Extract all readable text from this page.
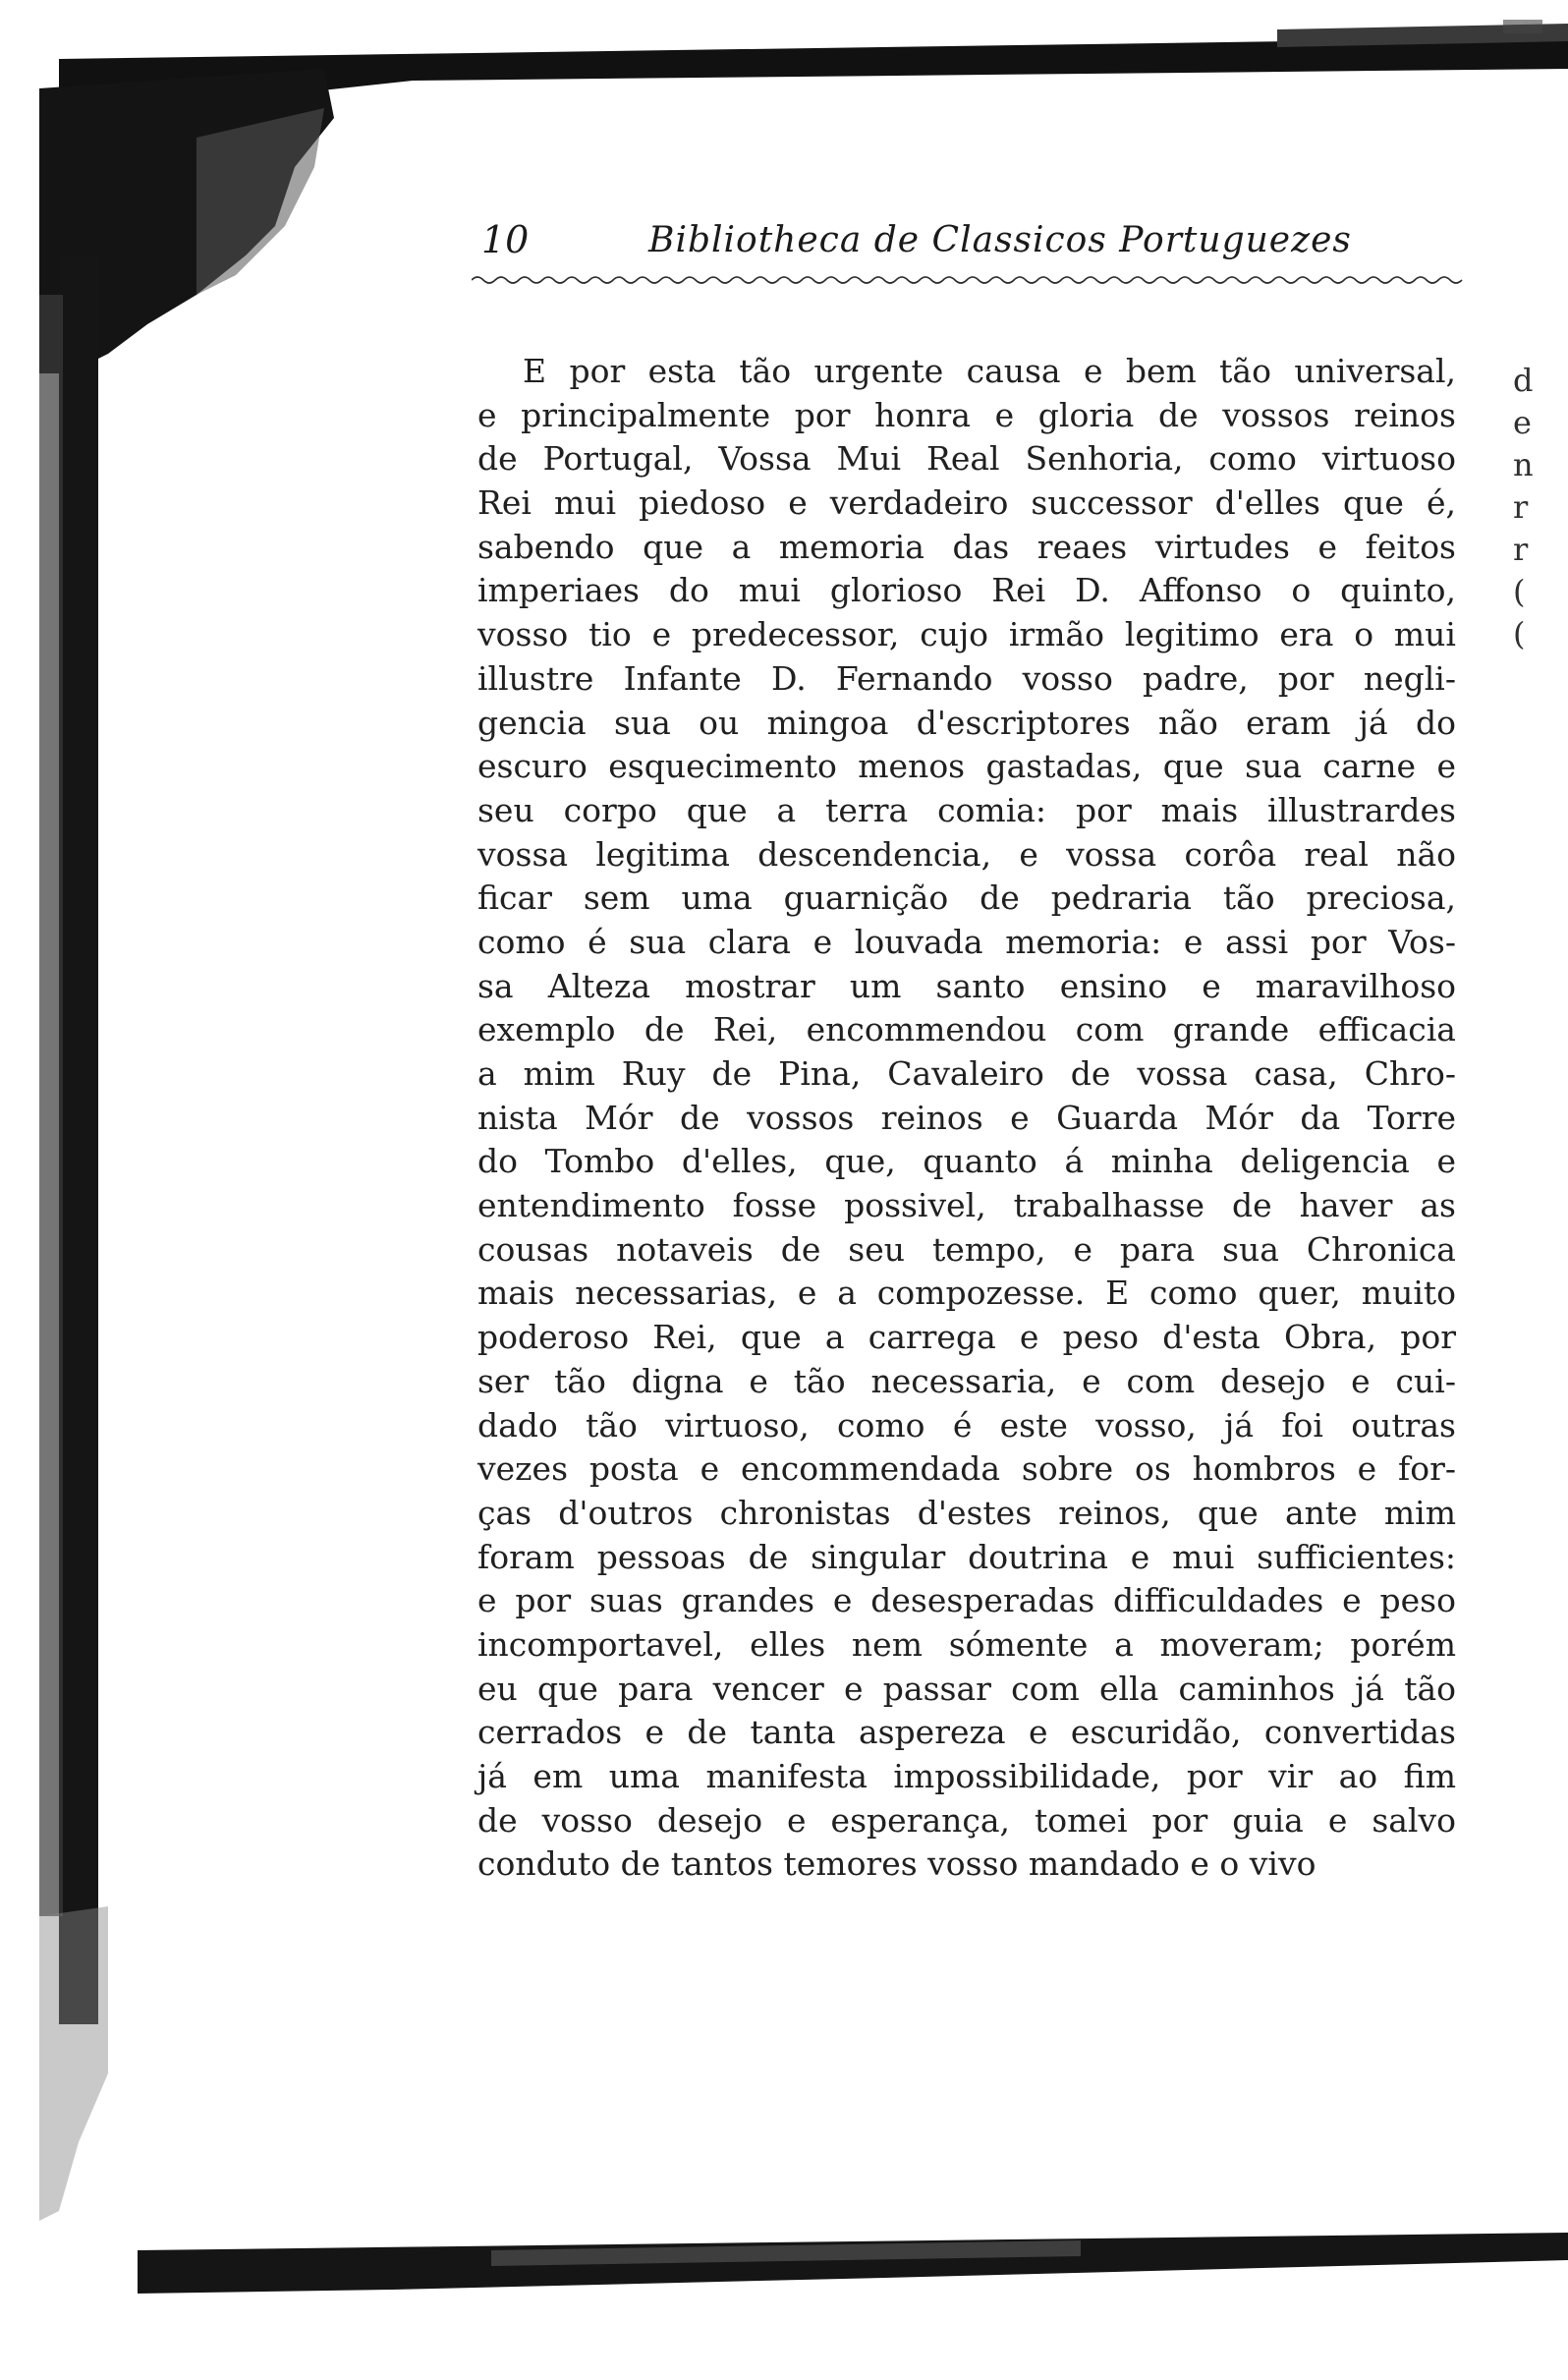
10	Bibliotheca de Classicos Portuguezes
E por esta tão urgente causa e bem tão universal,
e principalmente por honra e gloria de vossos reinos
de Portugal, Vossa Mui Real Senhoria, como virtuoso
Rei mui piedoso e verdadeiro successor d'elles que é,
sabendo que a memoria das reaes virtudes e feitos
imperiaes do mui glorioso Rei D. Affonso o quinto,
vosso tio e predecessor, cujo irmão legitimo era o mui
illustre Infante D. Fernando vosso padre, por negli-
gencia sua ou mingoa d'escriptores não eram já do
escuro esquecimento menos gastadas, que sua carne e
seu corpo que a terra comia: por mais illustrardes
vossa legitima descendencia, e vossa corôa real não
ficar sem uma guarnição de pedraria tão preciosa,
como é sua clara e louvada memoria: e assi por Vos-
sa Alteza mostrar um santo ensino e maravilhoso
exemplo de Rei, encommendou com grande efficacia
a mim Ruy de Pina, Cavaleiro de vossa casa, Chro-
nista Mór de vossos reinos e Guarda Mór da Torre
do Tombo d'elles, que, quanto á minha deligencia e
entendimento fosse possivel, trabalhasse de haver as
cousas notaveis de seu tempo, e para sua Chronica
mais necessarias, e a compozesse. E como quer, muito
poderoso Rei, que a carrega e peso d'esta Obra, por
ser tão digna e tão necessaria, e com desejo e cui-
dado tão virtuoso, como é este vosso, já foi outras
vezes posta e encommendada sobre os hombros e for-
ças d'outros chronistas d'estes reinos, que ante mim
foram pessoas de singular doutrina e mui sufficientes:
e por suas grandes e desesperadas difficuldades e peso
incomportavel, elles nem sómente a moveram; porém
eu que para vencer e passar com ella caminhos já tão
cerrados e de tanta aspereza e escuridão, convertidas
já em uma manifesta impossibilidade, por vir ao fim
de vosso desejo e esperança, tomei por guia e salvo
conduto de tantos temores vosso mandado e o vivo
d
e
n
r
r
(
(
